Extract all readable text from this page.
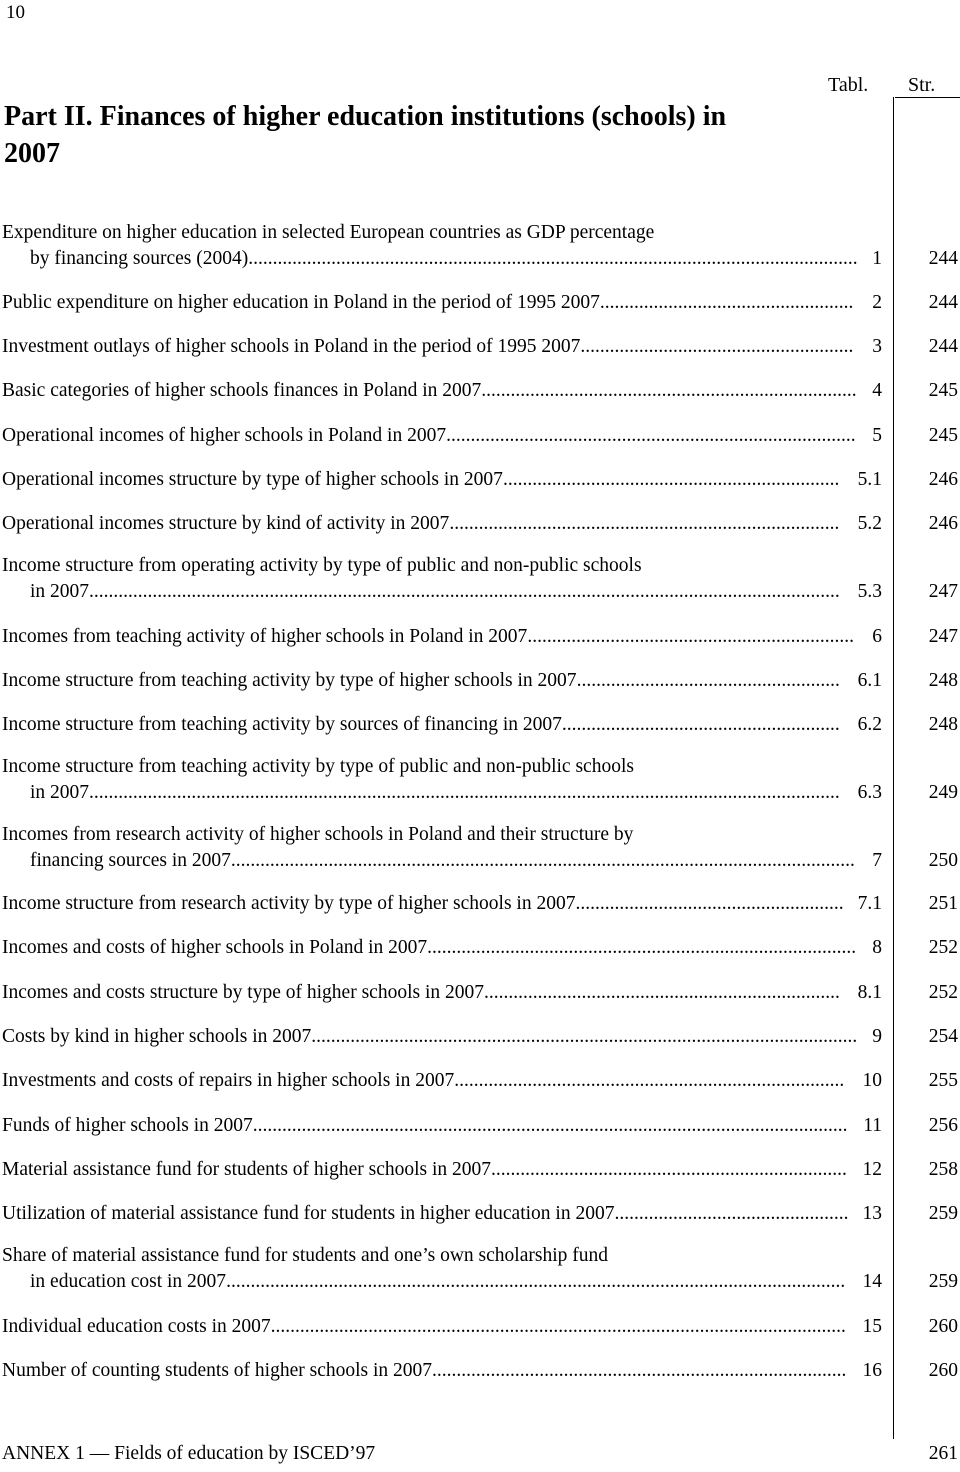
10
Tabl. Str.
Part II. Finances of higher education institutions (schools) in 2007
Expenditure on higher education in selected European countries as GDP percentage
by financing sources (2004)............................................................................................................................. 1 244
Public expenditure on higher education in Poland in the period of 1995 2007.................................................... 2 244
Investment outlays of higher schools in Poland in the period of 1995 2007........................................................ 3 244
Basic categories of higher schools finances in Poland in 2007............................................................................. 4 245
Operational incomes of higher schools in Poland in 2007.................................................................................... 5 245
Operational incomes structure by type of higher schools in 2007..................................................................... 5.1 246
Operational incomes structure by kind of activity in 2007................................................................................ 5.2 246
Income structure from operating activity by type of public and non-public schools
in 2007.......................................................................................................................................................... 5.3 247
Incomes from teaching activity of higher schools in Poland in 2007................................................................... 6 247
Income structure from teaching activity by type of higher schools in 2007...................................................... 6.1 248
Income structure from teaching activity by sources of financing in 2007......................................................... 6.2 248
Income structure from teaching activity by type of public and non-public schools
in 2007.......................................................................................................................................................... 6.3 249
Incomes from research activity of higher schools in Poland and their structure by
financing sources in 2007................................................................................................................................ 7 250
Income structure from research activity by type of higher schools in 2007....................................................... 7.1 251
Incomes and costs of higher schools in Poland in 2007........................................................................................ 8 252
Incomes and costs structure by type of higher schools in 2007......................................................................... 8.1 252
Costs by kind in higher schools in 2007................................................................................................................ 9 254
Investments and costs of repairs in higher schools in 2007................................................................................ 10 255
Funds of higher schools in 2007.......................................................................................................................... 11 256
Material assistance fund for students of higher schools in 2007......................................................................... 12 258
Utilization of material assistance fund for students in higher education in 2007................................................ 13 259
Share of material assistance fund for students and one’s own scholarship fund
in education cost in 2007............................................................................................................................... 14 259
Individual education costs in 2007...................................................................................................................... 15 260
Number of counting students of higher schools in 2007..................................................................................... 16 260
ANNEX 1 — Fields of education by ISCED’97	261
